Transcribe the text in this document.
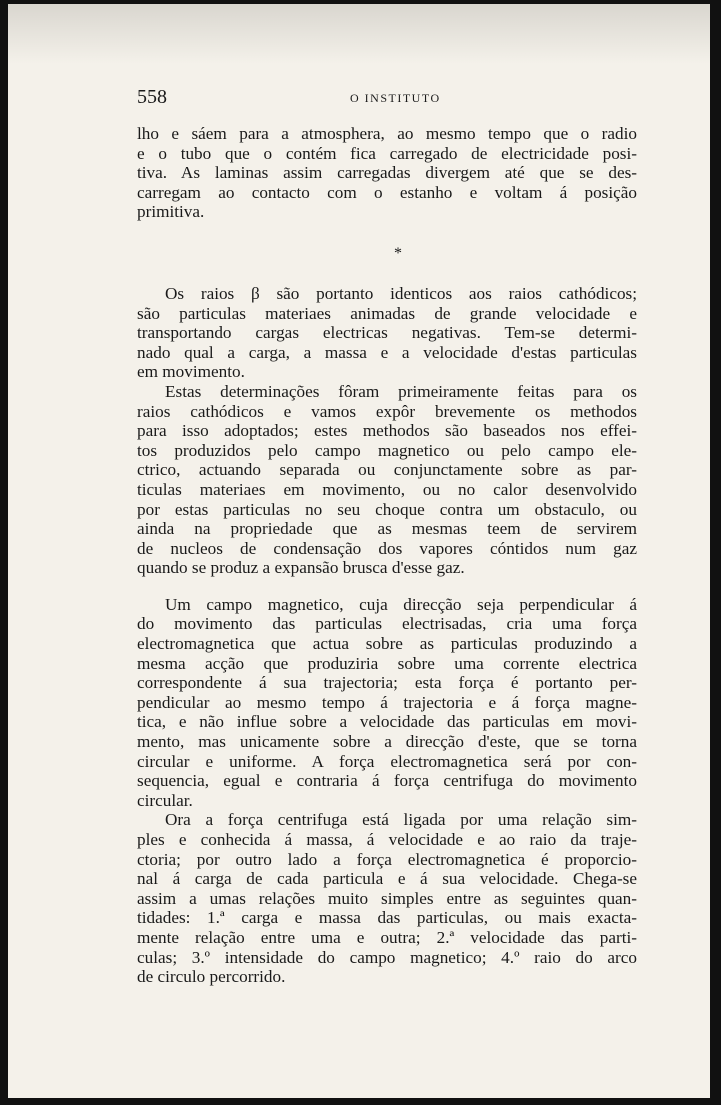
558	O INSTITUTO
lho e sáem para a atmosphera, ao mesmo tempo que o radio
e o tubo que o contém fica carregado de electricidade posi-
tiva. As laminas assim carregadas divergem até que se des-
carregam ao contacto com o estanho e voltam á posição
primitiva.
*
Os raios β são portanto identicos aos raios cathódicos;
são particulas materiaes animadas de grande velocidade e
transportando cargas electricas negativas. Tem-se determi-
nado qual a carga, a massa e a velocidade d'estas particulas
em movimento.
Estas determinações fôram primeiramente feitas para os
raios cathódicos e vamos expôr brevemente os methodos
para isso adoptados; estes methodos são baseados nos effei-
tos produzidos pelo campo magnetico ou pelo campo ele-
ctrico, actuando separada ou conjunctamente sobre as par-
ticulas materiaes em movimento, ou no calor desenvolvido
por estas particulas no seu choque contra um obstaculo, ou
ainda na propriedade que as mesmas teem de servirem
de nucleos de condensação dos vapores cóntidos num gaz
quando se produz a expansão brusca d'esse gaz.
Um campo magnetico, cuja direcção seja perpendicular á
do movimento das particulas electrisadas, cria uma força
electromagnetica que actua sobre as particulas produzindo a
mesma acção que produziria sobre uma corrente electrica
correspondente á sua trajectoria; esta força é portanto per-
pendicular ao mesmo tempo á trajectoria e á força magne-
tica, e não influe sobre a velocidade das particulas em movi-
mento, mas unicamente sobre a direcção d'este, que se torna
circular e uniforme. A força electromagnetica será por con-
sequencia, egual e contraria á força centrifuga do movimento
circular.
Ora a força centrifuga está ligada por uma relação sim-
ples e conhecida á massa, á velocidade e ao raio da traje-
ctoria; por outro lado a força electromagnetica é proporcio-
nal á carga de cada particula e á sua velocidade. Chega-se
assim a umas relações muito simples entre as seguintes quan-
tidades: 1.ª carga e massa das particulas, ou mais exacta-
mente relação entre uma e outra; 2.ª velocidade das parti-
culas; 3.º intensidade do campo magnetico; 4.º raio do arco
de circulo percorrido.
